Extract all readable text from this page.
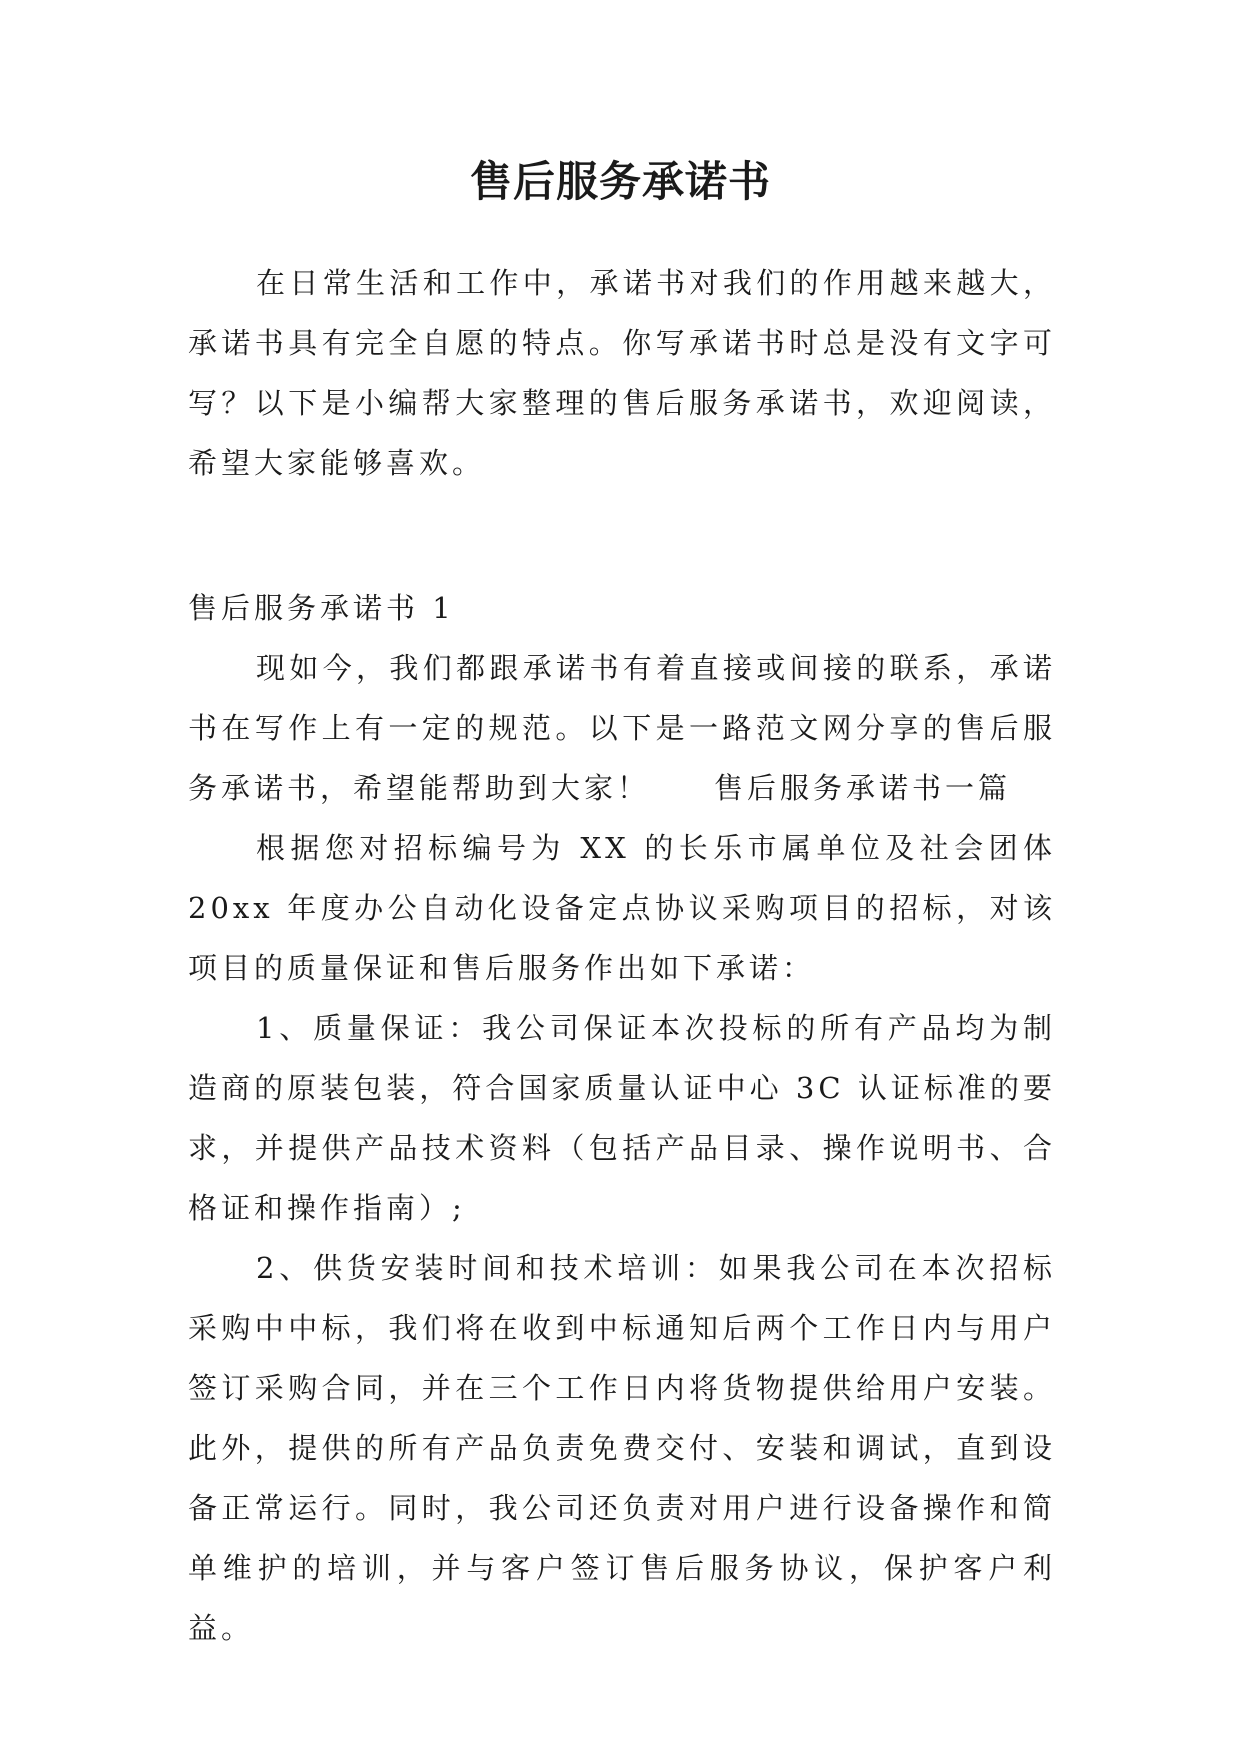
售后服务承诺书

在日常生活和工作中，承诺书对我们的作用越来越大，承诺书具有完全自愿的特点。你写承诺书时总是没有文字可写？以下是小编帮大家整理的售后服务承诺书，欢迎阅读，希望大家能够喜欢。

售后服务承诺书 1

现如今，我们都跟承诺书有着直接或间接的联系，承诺书在写作上有一定的规范。以下是一路范文网分享的售后服务承诺书，希望能帮助到大家！ 售后服务承诺书一篇

根据您对招标编号为 XX 的长乐市属单位及社会团体 20xx 年度办公自动化设备定点协议采购项目的招标，对该项目的质量保证和售后服务作出如下承诺：

1、质量保证：我公司保证本次投标的所有产品均为制造商的原装包装，符合国家质量认证中心 3C 认证标准的要求，并提供产品技术资料（包括产品目录、操作说明书、合格证和操作指南）;

2、供货安装时间和技术培训：如果我公司在本次招标采购中中标，我们将在收到中标通知后两个工作日内与用户签订采购合同，并在三个工作日内将货物提供给用户安装。此外，提供的所有产品负责免费交付、安装和调试，直到设备正常运行。同时，我公司还负责对用户进行设备操作和简单维护的培训，并与客户签订售后服务协议，保护客户利益。
